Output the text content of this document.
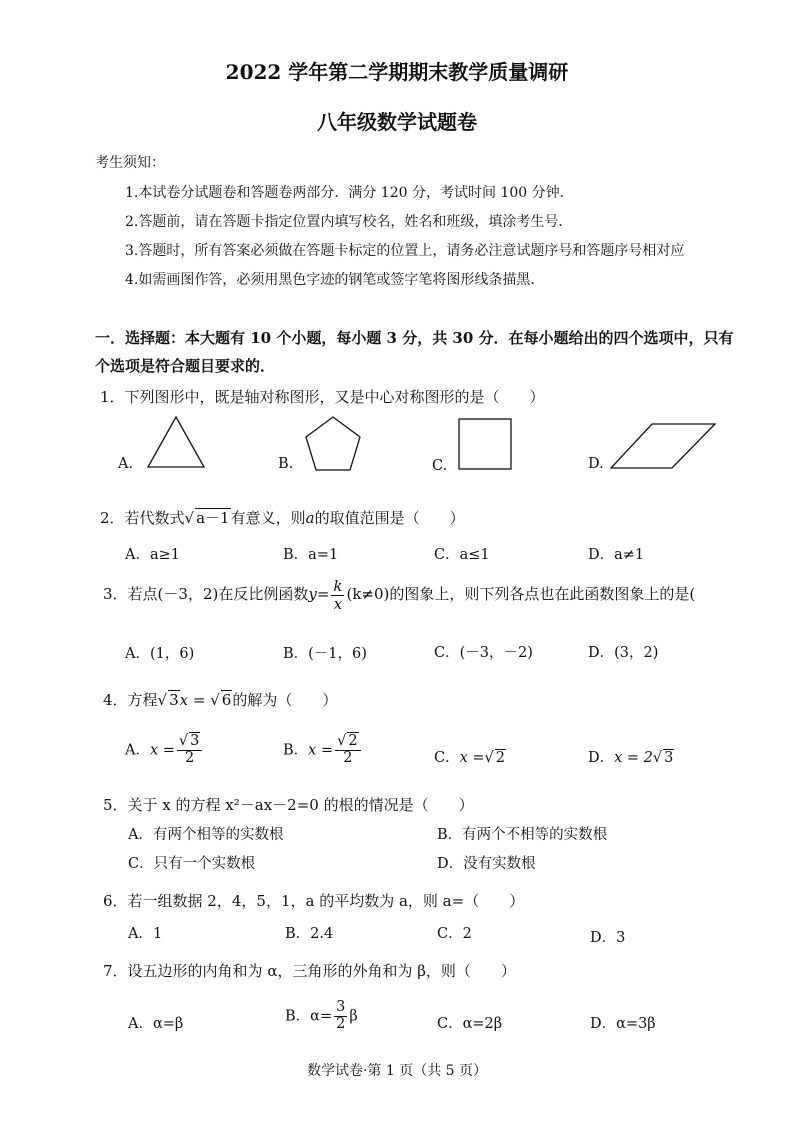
2022 学年第二学期期末教学质量调研
八年级数学试题卷
考生须知：
1.本试卷分试题卷和答题卷两部分．满分 120 分，考试时间 100 分钟．
2.答题前，请在答题卡指定位置内填写校名，姓名和班级，填涂考生号．
3.答题时，所有答案必须做在答题卡标定的位置上，请务必注意试题序号和答题序号相对应
4.如需画图作答，必须用黑色字迹的钢笔或签字笔将图形线条描黑．
一．选择题：本大题有 10 个小题，每小题 3 分，共 30 分．在每小题给出的四个选项中，只有
个选项是符合题目要求的．
1．下列图形中，既是轴对称图形，又是中心对称图形的是（　　）
A.	B.	C.	D.
2．若代数式√ a－1有意义，则a的取值范围是（　　）
A．a≥1	B．a=1	C．a≤1	D．a≠1
3．若点(－3，2)在反比例函数$y= \frac{k}{x} (k\ne 0)$的图象上，则下列各点也在此函数图象上的是(
A．(1，6)	B．(－1，6)	C．(－3，－2)	D．(3，2)
4．方程√ 3x = √ 6的解为（　　）
A．$x = \frac{√ 3}{2}$	B．$x = \frac{√ 2}{2}$	C．x =√ 2	D．x = 2√ 3
5．关于 x 的方程 x²－ax－2=0 的根的情况是（　　）
A．有两个相等的实数根	B．有两个不相等的实数根
C．只有一个实数根	D．没有实数根
6．若一组数据 2，4，5，1，a 的平均数为 a，则 a=（　　）
A．1	B．2.4	C．2	D．3
7．设五边形的内角和为 α，三角形的外角和为 β，则（　　）
A．α=β	B．$\alpha= \frac{3}{2}$ β	C．α=2β	D．α=3β
数学试卷·第 1 页（共 5 页）
